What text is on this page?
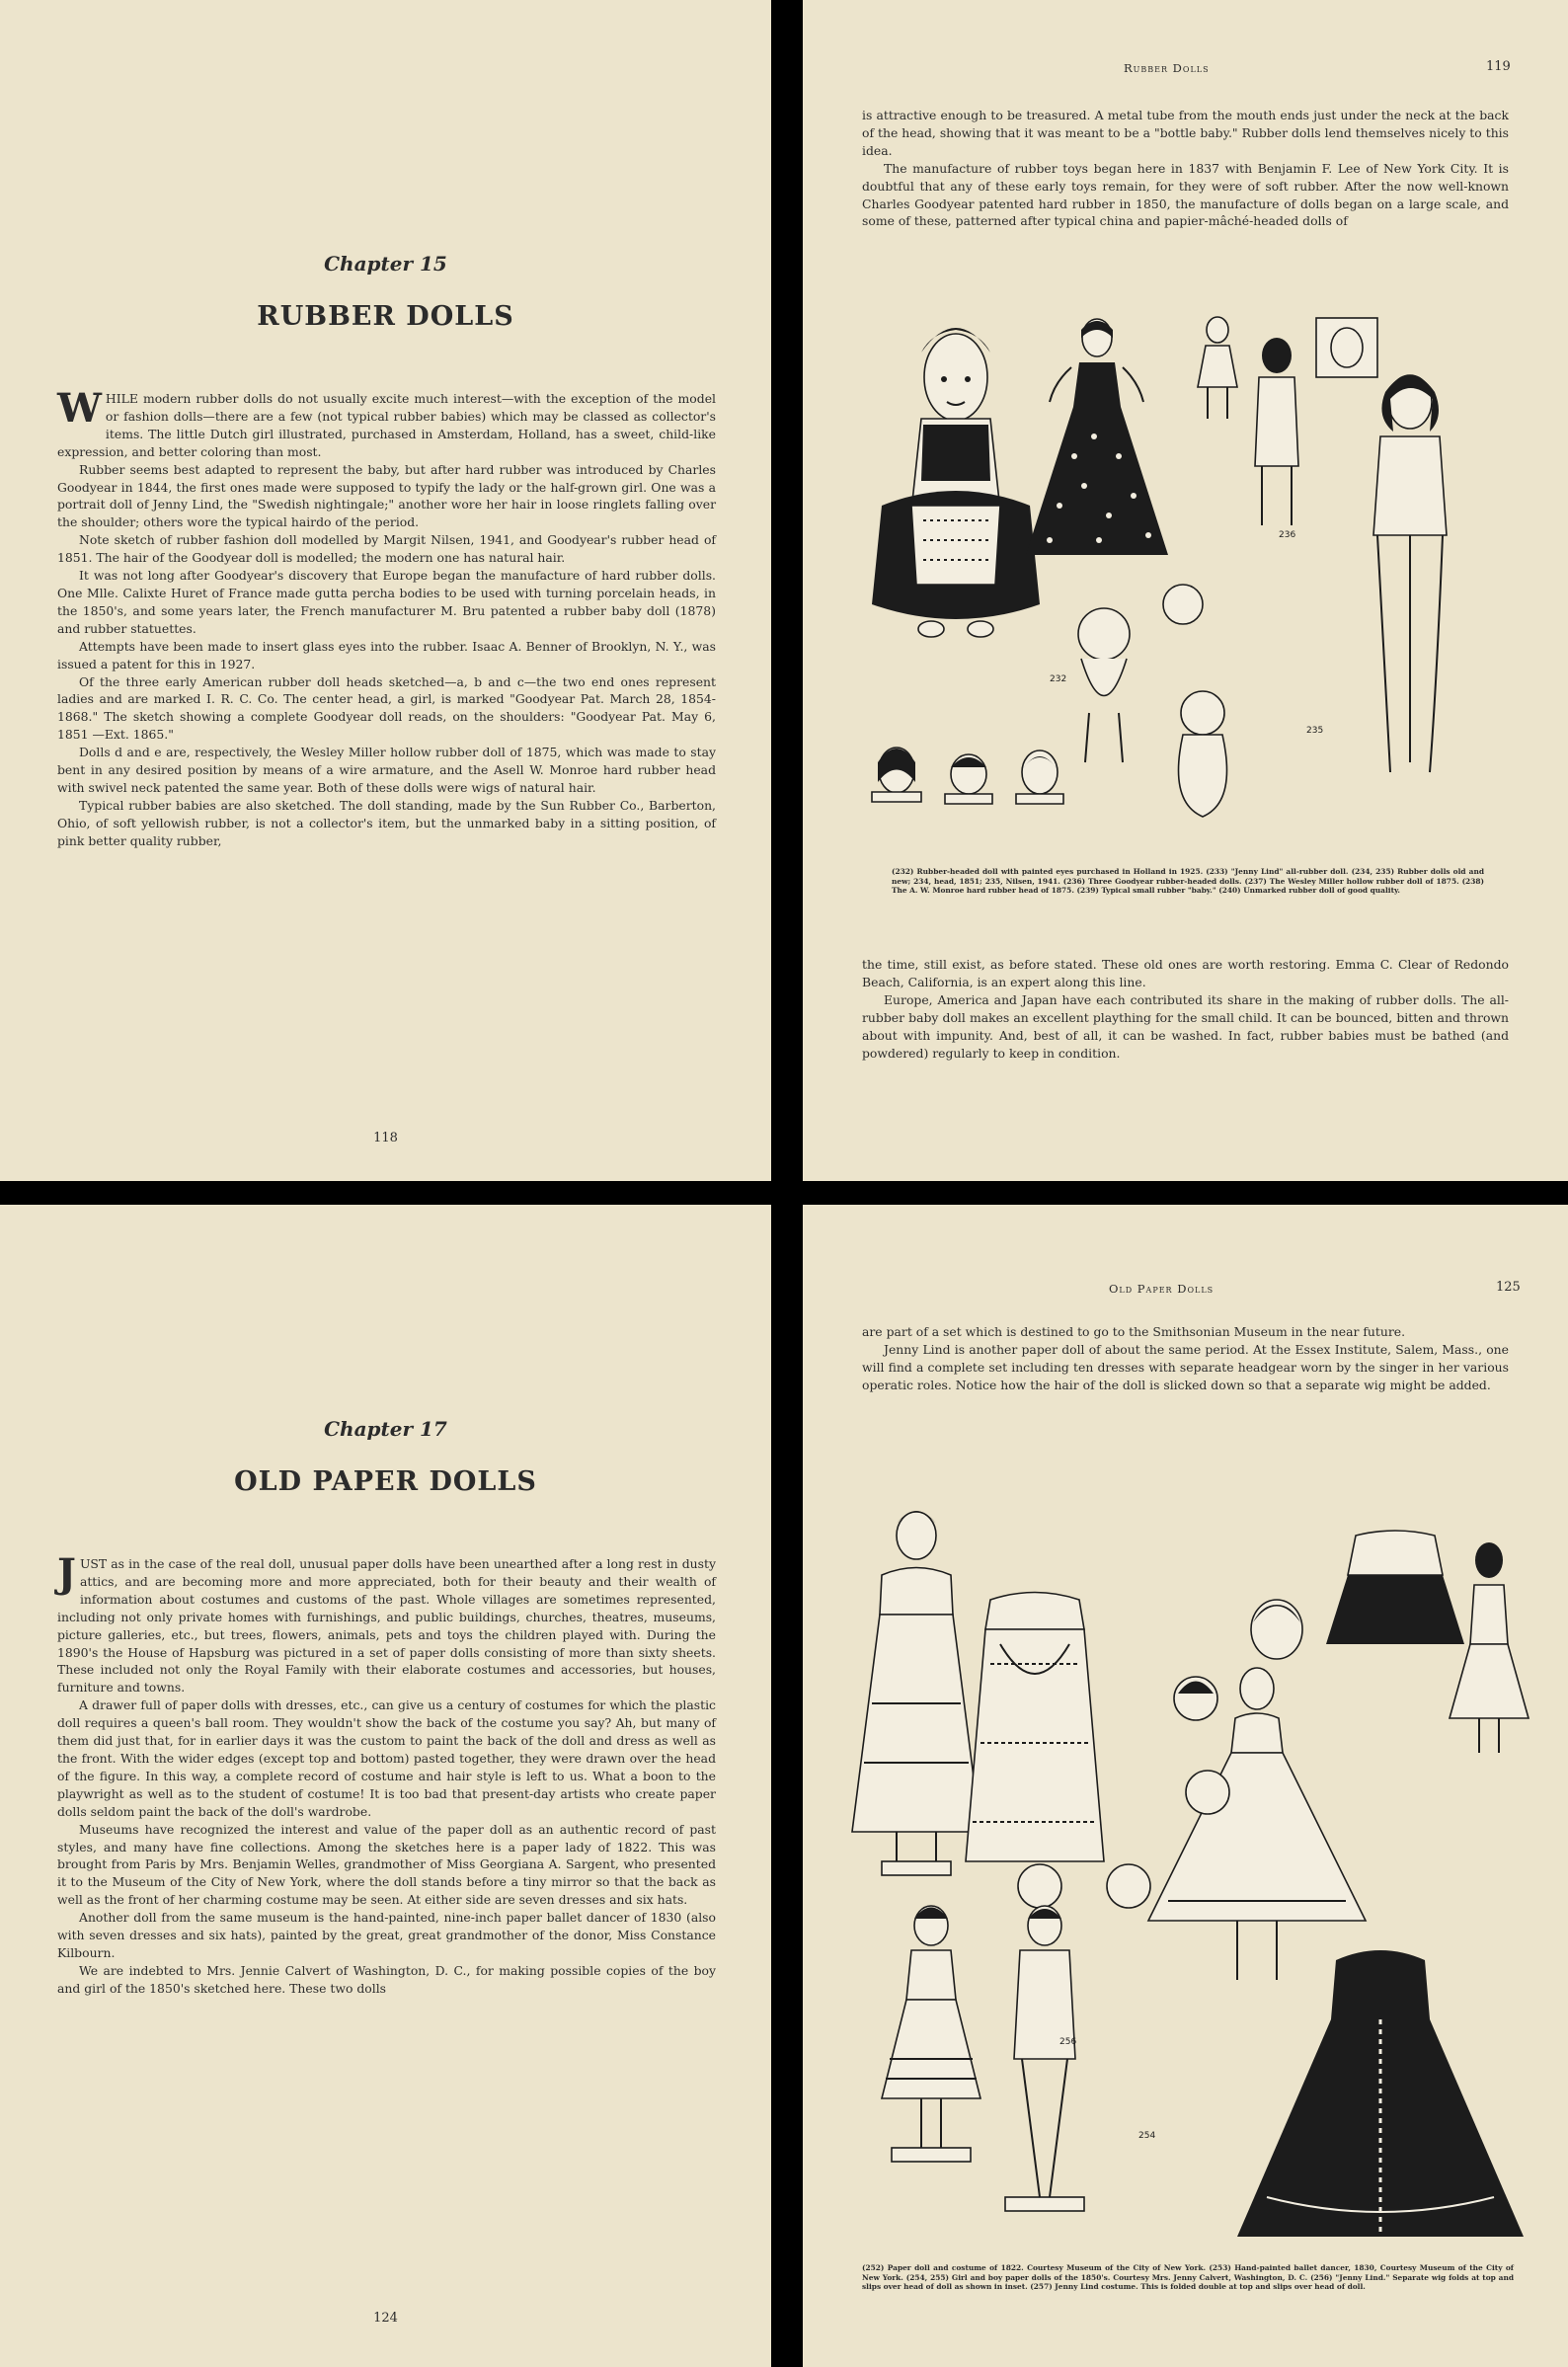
Chapter 15
RUBBER DOLLS

WHILE modern rubber dolls do not usually excite much interest—with the exception of the model or fashion dolls—there are a few (not typical rubber babies) which may be classed as collector's items. The little Dutch girl illustrated, purchased in Amsterdam, Holland, has a sweet, child-like expression, and better coloring than most.

Rubber seems best adapted to represent the baby, but after hard rubber was introduced by Charles Goodyear in 1844, the first ones made were supposed to typify the lady or the half-grown girl. One was a portrait doll of Jenny Lind, the "Swedish nightingale;" another wore her hair in loose ringlets falling over the shoulder; others wore the typical hairdo of the period.

Note sketch of rubber fashion doll modelled by Margit Nilsen, 1941, and Goodyear's rubber head of 1851. The hair of the Goodyear doll is modelled; the modern one has natural hair.

It was not long after Goodyear's discovery that Europe began the manufacture of hard rubber dolls. One Mlle. Calixte Huret of France made gutta percha bodies to be used with turning porcelain heads, in the 1850's, and some years later, the French manufacturer M. Bru patented a rubber baby doll (1878) and rubber statuettes.

Attempts have been made to insert glass eyes into the rubber. Isaac A. Benner of Brooklyn, N. Y., was issued a patent for this in 1927.

Of the three early American rubber doll heads sketched—a, b and c—the two end ones represent ladies and are marked I. R. C. Co. The center head, a girl, is marked "Goodyear Pat. March 28, 1854-1868." The sketch showing a complete Goodyear doll reads, on the shoulders: "Goodyear Pat. May 6, 1851 —Ext. 1865."

Dolls d and e are, respectively, the Wesley Miller hollow rubber doll of 1875, which was made to stay bent in any desired position by means of a wire armature, and the Asell W. Monroe hard rubber head with swivel neck patented the same year. Both of these dolls were wigs of natural hair.

Typical rubber babies are also sketched. The doll standing, made by the Sun Rubber Co., Barberton, Ohio, of soft yellowish rubber, is not a collector's item, but the unmarked baby in a sitting position, of pink better quality rubber,

118
Rubber Dolls	119

is attractive enough to be treasured. A metal tube from the mouth ends just under the neck at the back of the head, showing that it was meant to be a "bottle baby." Rubber dolls lend themselves nicely to this idea.

The manufacture of rubber toys began here in 1837 with Benjamin F. Lee of New York City. It is doubtful that any of these early toys remain, for they were of soft rubber. After the now well-known Charles Goodyear patented hard rubber in 1850, the manufacture of dolls began on a large scale, and some of these, patterned after typical china and papier-mâché-headed dolls of

232
236
235
(232) Rubber-headed doll with painted eyes purchased in Holland in 1925. (233) "Jenny Lind" all-rubber doll. (234, 235) Rubber dolls old and new; 234, head, 1851; 235, Nilsen, 1941. (236) Three Goodyear rubber-headed dolls. (237) The Wesley Miller hollow rubber doll of 1875. (238) The A. W. Monroe hard rubber head of 1875. (239) Typical small rubber "baby." (240) Unmarked rubber doll of good quality.

the time, still exist, as before stated. These old ones are worth restoring. Emma C. Clear of Redondo Beach, California, is an expert along this line.

Europe, America and Japan have each contributed its share in the making of rubber dolls. The all-rubber baby doll makes an excellent plaything for the small child. It can be bounced, bitten and thrown about with impunity. And, best of all, it can be washed. In fact, rubber babies must be bathed (and powdered) regularly to keep in condition.

Chapter 17
OLD PAPER DOLLS

JUST as in the case of the real doll, unusual paper dolls have been unearthed after a long rest in dusty attics, and are becoming more and more appreciated, both for their beauty and their wealth of information about costumes and customs of the past. Whole villages are sometimes represented, including not only private homes with furnishings, and public buildings, churches, theatres, museums, picture galleries, etc., but trees, flowers, animals, pets and toys the children played with. During the 1890's the House of Hapsburg was pictured in a set of paper dolls consisting of more than sixty sheets. These included not only the Royal Family with their elaborate costumes and accessories, but houses, furniture and towns.

A drawer full of paper dolls with dresses, etc., can give us a century of costumes for which the plastic doll requires a queen's ball room. They wouldn't show the back of the costume you say? Ah, but many of them did just that, for in earlier days it was the custom to paint the back of the doll and dress as well as the front. With the wider edges (except top and bottom) pasted together, they were drawn over the head of the figure. In this way, a complete record of costume and hair style is left to us. What a boon to the playwright as well as to the student of costume! It is too bad that present-day artists who create paper dolls seldom paint the back of the doll's wardrobe.

Museums have recognized the interest and value of the paper doll as an authentic record of past styles, and many have fine collections. Among the sketches here is a paper lady of 1822. This was brought from Paris by Mrs. Benjamin Welles, grandmother of Miss Georgiana A. Sargent, who presented it to the Museum of the City of New York, where the doll stands before a tiny mirror so that the back as well as the front of her charming costume may be seen. At either side are seven dresses and six hats.

Another doll from the same museum is the hand-painted, nine-inch paper ballet dancer of 1830 (also with seven dresses and six hats), painted by the great, great grandmother of the donor, Miss Constance Kilbourn.

We are indebted to Mrs. Jennie Calvert of Washington, D. C., for making possible copies of the boy and girl of the 1850's sketched here. These two dolls

124
Old Paper Dolls	125

are part of a set which is destined to go to the Smithsonian Museum in the near future.

Jenny Lind is another paper doll of about the same period. At the Essex Institute, Salem, Mass., one will find a complete set including ten dresses with separate headgear worn by the singer in her various operatic roles. Notice how the hair of the doll is slicked down so that a separate wig might be added.

256
254
(252) Paper doll and costume of 1822. Courtesy Museum of the City of New York. (253) Hand-painted ballet dancer, 1830, Courtesy Museum of the City of New York. (254, 255) Girl and boy paper dolls of the 1850's. Courtesy Mrs. Jenny Calvert, Washington, D. C. (256) "Jenny Lind." Separate wig folds at top and slips over head of doll as shown in inset. (257) Jenny Lind costume. This is folded double at top and slips over head of doll.
